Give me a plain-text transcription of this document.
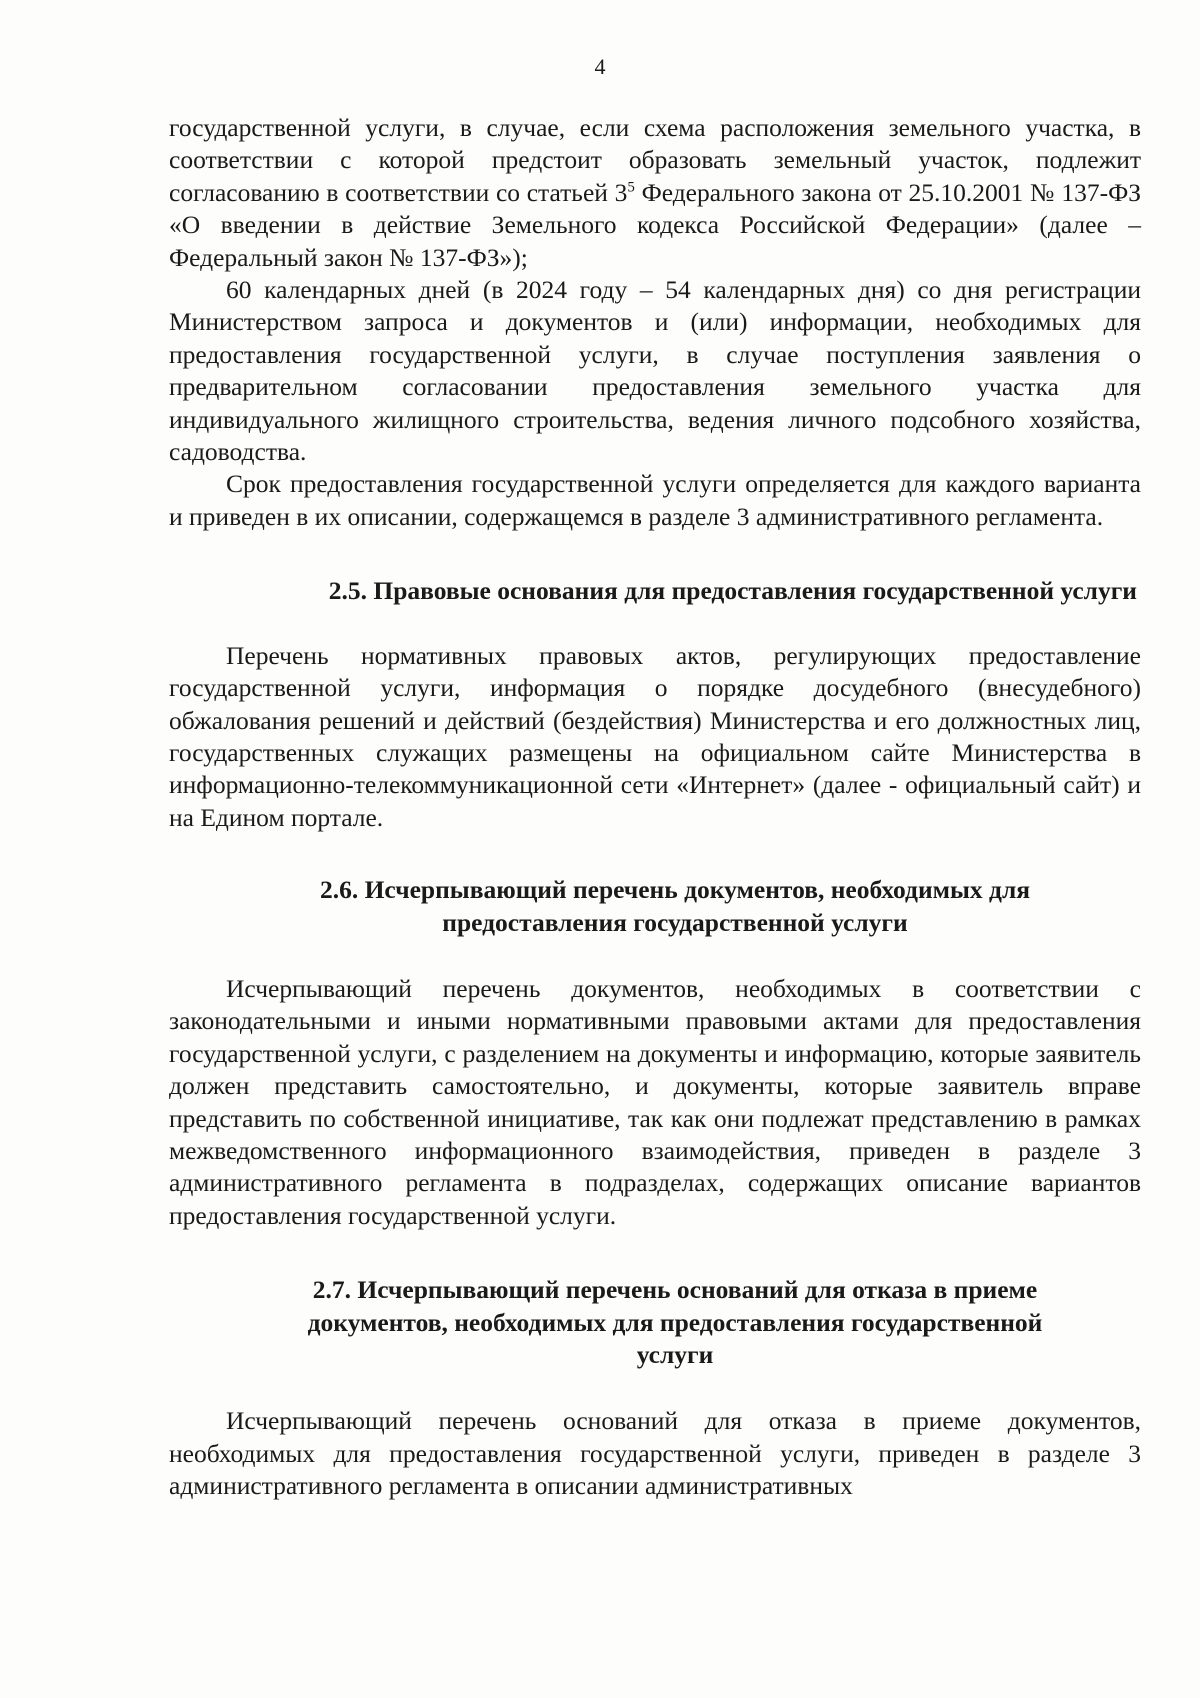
4

государственной услуги, в случае, если схема расположения земельного участка, в соответствии с которой предстоит образовать земельный участок, подлежит согласованию в соответствии со статьей $3^5$ Федерального закона от 25.10.2001 № 137-ФЗ «О введении в действие Земельного кодекса Российской Федерации» (далее – Федеральный закон № 137-ФЗ»);

60 календарных дней (в 2024 году – 54 календарных дня) со дня регистрации Министерством запроса и документов и (или) информации, необходимых для предоставления государственной услуги, в случае поступления заявления о предварительном согласовании предоставления земельного участка для индивидуального жилищного строительства, ведения личного подсобного хозяйства, садоводства.

Срок предоставления государственной услуги определяется для каждого варианта и приведен в их описании, содержащемся в разделе 3 административного регламента.

2.5. Правовые основания для предоставления государственной услуги

Перечень нормативных правовых актов, регулирующих предоставление государственной услуги, информация о порядке досудебного (внесудебного) обжалования решений и действий (бездействия) Министерства и его должностных лиц, государственных служащих размещены на официальном сайте Министерства в информационно-телекоммуникационной сети «Интернет» (далее - официальный сайт) и на Едином портале.

2.6. Исчерпывающий перечень документов, необходимых для
предоставления государственной услуги

Исчерпывающий перечень документов, необходимых в соответствии с законодательными и иными нормативными правовыми актами для предоставления государственной услуги, с разделением на документы и информацию, которые заявитель должен представить самостоятельно, и документы, которые заявитель вправе представить по собственной инициативе, так как они подлежат представлению в рамках межведомственного информационного взаимодействия, приведен в разделе 3 административного регламента в подразделах, содержащих описание вариантов предоставления государственной услуги.

2.7. Исчерпывающий перечень оснований для отказа в приеме
документов, необходимых для предоставления государственной
услуги

Исчерпывающий перечень оснований для отказа в приеме документов, необходимых для предоставления государственной услуги, приведен в разделе 3 административного регламента в описании административных
